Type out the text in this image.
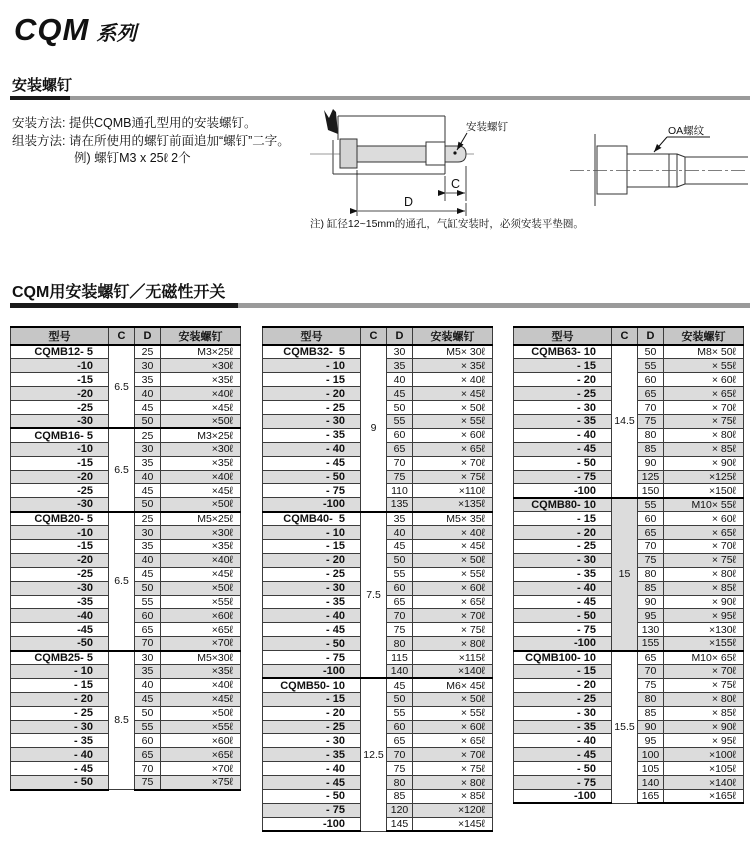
CQM 系列
安装螺钉
安装方法: 提供CQMB通孔型用的安装螺钉。
组装方法: 请在所使用的螺钉前面追加“螺钉”二字。
例) 螺钉M3 x 25ℓ 2个
安装螺钉
C
D
OA螺纹
注) 缸径12~15mm的通孔，气缸安装时，必须安装平垫圈。
CQM用安装螺钉／无磁性开关
型号	C	D	安装螺钉
CQMB12- 5	6.5	25	M3×25ℓ
-10		30	×30ℓ
-15		35	×35ℓ
-20		40	×40ℓ
-25		45	×45ℓ
-30		50	×50ℓ
CQMB16- 5	6.5	25	M3×25ℓ
-10		30	×30ℓ
-15		35	×35ℓ
-20		40	×40ℓ
-25		45	×45ℓ
-30		50	×50ℓ
CQMB20- 5	6.5	25	M5×25ℓ
-10		30	×30ℓ
-15		35	×35ℓ
-20		40	×40ℓ
-25		45	×45ℓ
-30		50	×50ℓ
-35		55	×55ℓ
-40		60	×60ℓ
-45		65	×65ℓ
-50		70	×70ℓ
CQMB25- 5	8.5	30	M5×30ℓ
- 10		35	×35ℓ
- 15		40	×40ℓ
- 20		45	×45ℓ
- 25		50	×50ℓ
- 30		55	×55ℓ
- 35		60	×60ℓ
- 40		65	×65ℓ
- 45		70	×70ℓ
- 50		75	×75ℓ
型号	C	D	安装螺钉
CQMB32-  5	9	30	M5× 30ℓ
- 10		35	× 35ℓ
- 15		40	× 40ℓ
- 20		45	× 45ℓ
- 25		50	× 50ℓ
- 30		55	× 55ℓ
- 35		60	× 60ℓ
- 40		65	× 65ℓ
- 45		70	× 70ℓ
- 50		75	× 75ℓ
- 75		110	×110ℓ
-100		135	×135ℓ
CQMB40-  5	7.5	35	M5× 35ℓ
- 10		40	× 40ℓ
- 15		45	× 45ℓ
- 20		50	× 50ℓ
- 25		55	× 55ℓ
- 30		60	× 60ℓ
- 35		65	× 65ℓ
- 40		70	× 70ℓ
- 45		75	× 75ℓ
- 50		80	× 80ℓ
- 75		115	×115ℓ
-100		140	×140ℓ
CQMB50- 10	12.5	45	M6× 45ℓ
- 15		50	× 50ℓ
- 20		55	× 55ℓ
- 25		60	× 60ℓ
- 30		65	× 65ℓ
- 35		70	× 70ℓ
- 40		75	× 75ℓ
- 45		80	× 80ℓ
- 50		85	× 85ℓ
- 75		120	×120ℓ
-100		145	×145ℓ
型号	C	D	安装螺钉
CQMB63- 10	14.5	50	M8× 50ℓ
- 15		55	× 55ℓ
- 20		60	× 60ℓ
- 25		65	× 65ℓ
- 30		70	× 70ℓ
- 35		75	× 75ℓ
- 40		80	× 80ℓ
- 45		85	× 85ℓ
- 50		90	× 90ℓ
- 75		125	×125ℓ
-100		150	×150ℓ
CQMB80- 10	15	55	M10× 55ℓ
- 15		60	× 60ℓ
- 20		65	× 65ℓ
- 25		70	× 70ℓ
- 30		75	× 75ℓ
- 35		80	× 80ℓ
- 40		85	× 85ℓ
- 45		90	× 90ℓ
- 50		95	× 95ℓ
- 75		130	×130ℓ
-100		155	×155ℓ
CQMB100- 10	15.5	65	M10× 65ℓ
- 15		70	× 70ℓ
- 20		75	× 75ℓ
- 25		80	× 80ℓ
- 30		85	× 85ℓ
- 35		90	× 90ℓ
- 40		95	× 95ℓ
- 45		100	×100ℓ
- 50		105	×105ℓ
- 75		140	×140ℓ
-100		165	×165ℓ
